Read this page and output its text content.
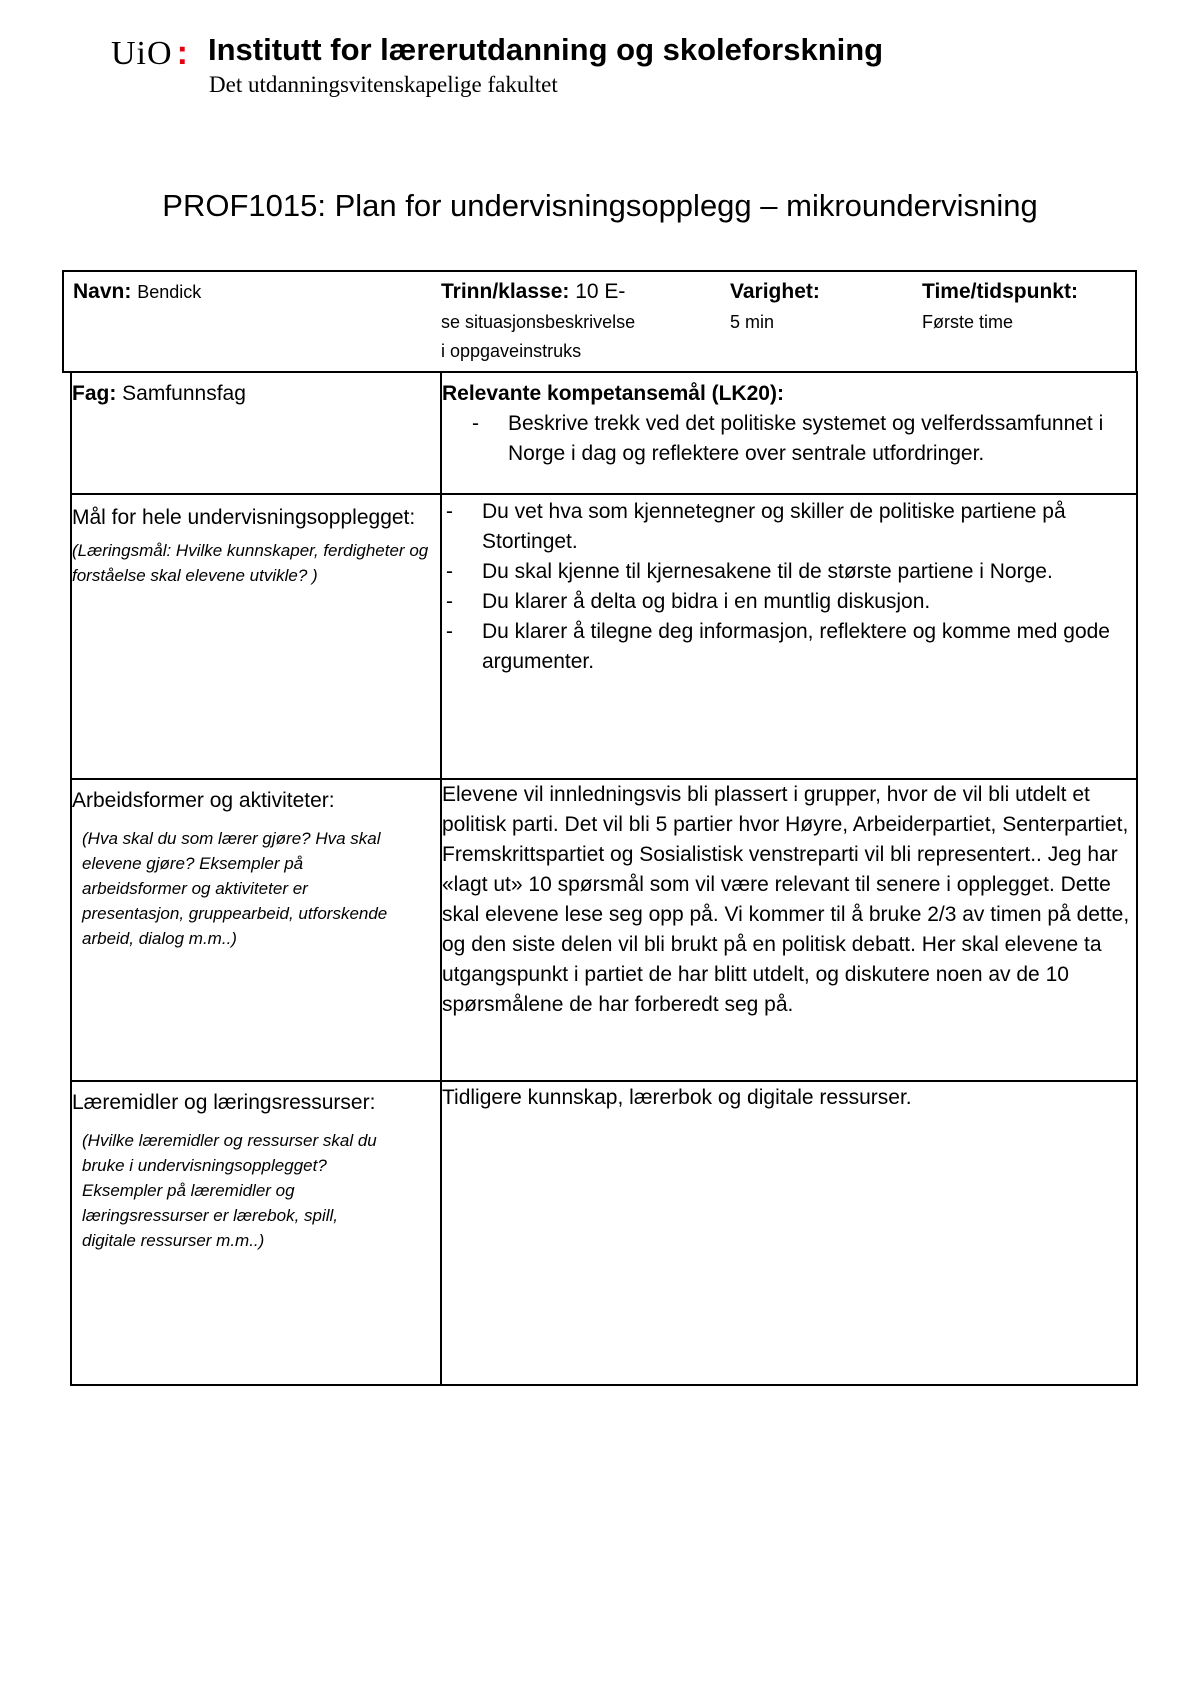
UiO : Institutt for lærerutdanning og skoleforskning
Det utdanningsvitenskapelige fakultet
PROF1015: Plan for undervisningsopplegg – mikroundervisning
Navn: Bendick	Trinn/klasse: 10 E-
se situasjonsbeskrivelse
i oppgaveinstruks
Varighet:
5 min
Time/tidspunkt:
Første time
Fag: Samfunnsfag	Relevante kompetansemål (LK20):
- Beskrive trekk ved det politiske systemet og velferdssamfunnet i Norge i dag og reflektere over sentrale utfordringer.
Mål for hele undervisningsopplegget:
(Læringsmål: Hvilke kunnskaper, ferdigheter og forståelse skal elevene utvikle? )
- Du vet hva som kjennetegner og skiller de politiske partiene på Stortinget.
- Du skal kjenne til kjernesakene til de største partiene i Norge.
- Du klarer å delta og bidra i en muntlig diskusjon.
- Du klarer å tilegne deg informasjon, reflektere og komme med gode argumenter.
Arbeidsformer og aktiviteter:
(Hva skal du som lærer gjøre? Hva skal elevene gjøre? Eksempler på arbeidsformer og aktiviteter er presentasjon, gruppearbeid, utforskende arbeid, dialog m.m..)
Elevene vil innledningsvis bli plassert i grupper, hvor de vil bli utdelt et politisk parti. Det vil bli 5 partier hvor Høyre, Arbeiderpartiet, Senterpartiet, Fremskrittspartiet og Sosialistisk venstreparti vil bli representert.. Jeg har «lagt ut» 10 spørsmål som vil være relevant til senere i opplegget. Dette skal elevene lese seg opp på. Vi kommer til å bruke 2/3 av timen på dette, og den siste delen vil bli brukt på en politisk debatt. Her skal elevene ta utgangspunkt i partiet de har blitt utdelt, og diskutere noen av de 10 spørsmålene de har forberedt seg på.
Læremidler og læringsressurser:
(Hvilke læremidler og ressurser skal du bruke i undervisningsopplegget? Eksempler på læremidler og læringsressurser er lærebok, spill, digitale ressurser m.m..)
Tidligere kunnskap, lærerbok og digitale ressurser.
